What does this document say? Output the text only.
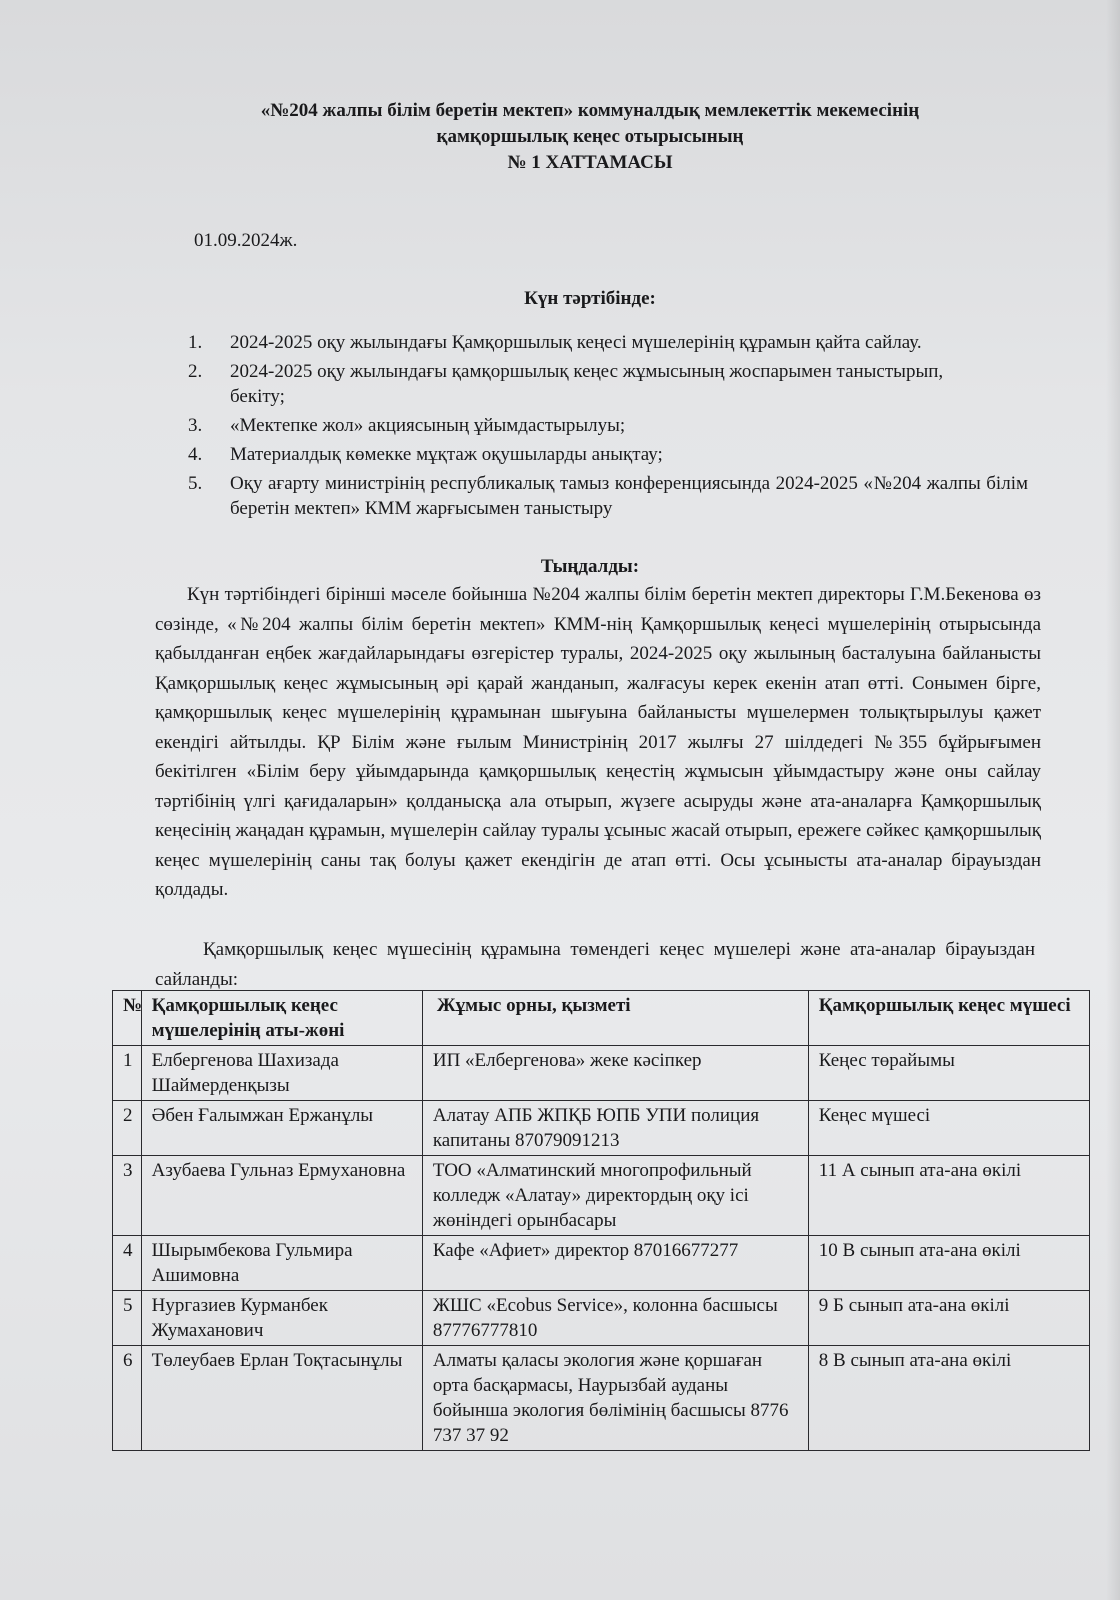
«№204 жалпы білім беретін мектеп» коммуналдық мемлекеттік мекемесінің
қамқоршылық кеңес отырысының
№ 1 ХАТТАМАСЫ
01.09.2024ж.
Күн тәртібінде:
1. 2024-2025 оқу жылындағы Қамқоршылық кеңесі мүшелерінің құрамын қайта сайлау.
2. 2024-2025 оқу жылындағы қамқоршылық кеңес жұмысының жоспарымен таныстырып, бекіту;
3. «Мектепке жол» акциясының ұйымдастырылуы;
4. Материалдық көмекке мұқтаж оқушыларды анықтау;
5. Оқу ағарту министрінің республикалық тамыз конференциясында 2024-2025 «№204 жалпы білім беретін мектеп» КММ жарғысымен таныстыру
Тыңдалды:

Күн тәртібіндегі бірінші мәселе бойынша №204 жалпы білім беретін мектеп директоры Г.М.Бекенова өз сөзінде, «№204 жалпы білім беретін мектеп» КММ-нің Қамқоршылық кеңесі мүшелерінің отырысында қабылданған еңбек жағдайларындағы өзгерістер туралы, 2024-2025 оқу жылының басталуына байланысты Қамқоршылық кеңес жұмысының әрі қарай жанданып, жалғасуы керек екенін атап өтті. Сонымен бірге, қамқоршылық кеңес мүшелерінің құрамынан шығуына байланысты мүшелермен толықтырылуы қажет екендігі айтылды. ҚР Білім және ғылым Министрінің 2017 жылғы 27 шілдедегі №355 бұйрығымен бекітілген «Білім беру ұйымдарында қамқоршылық кеңестің жұмысын ұйымдастыру және оны сайлау тәртібінің үлгі қағидаларын» қолданысқа ала отырып, жүзеге асыруды және ата-аналарға Қамқоршылық кеңесінің жаңадан құрамын, мүшелерін сайлау туралы ұсыныс жасай отырып, ережеге сәйкес қамқоршылық кеңес мүшелерінің саны тақ болуы қажет екендігін де атап өтті. Осы ұсынысты ата-аналар бірауыздан қолдады.

Қамқоршылық кеңес мүшесінің құрамына төмендегі кеңес мүшелері және ата-аналар бірауыздан сайланды:

№	Қамқоршылық кеңес мүшелерінің аты-жөні	Жұмыс орны, қызметі	Қамқоршылық кеңес мүшесі
1	Елбергенова Шахизада Шаймерденқызы	ИП «Елбергенова» жеке кәсіпкер	Кеңес төрайымы
2	Әбен Ғалымжан Ержанұлы	Алатау АПБ ЖПҚБ ЮПБ УПИ полиция капитаны 87079091213	Кеңес мүшесі
3	Азубаева Гульназ Ермухановна	ТОО «Алматинский многопрофильный колледж «Алатау» директордың оқу ісі жөніндегі орынбасары	11 А сынып ата-ана өкілі
4	Шырымбекова Гульмира Ашимовна	Кафе «Афиет» директор 87016677277	10 В сынып ата-ана өкілі
5	Нургазиев Курманбек Жумаханович	ЖШС «Ecobus Service», колонна басшысы 87776777810	9 Б сынып ата-ана өкілі
6	Төлеубаев Ерлан Тоқтасынұлы	Алматы қаласы экология және қоршаған орта басқармасы, Наурызбай ауданы бойынша экология бөлімінің басшысы 8776 737 37 92	8 В сынып ата-ана өкілі
